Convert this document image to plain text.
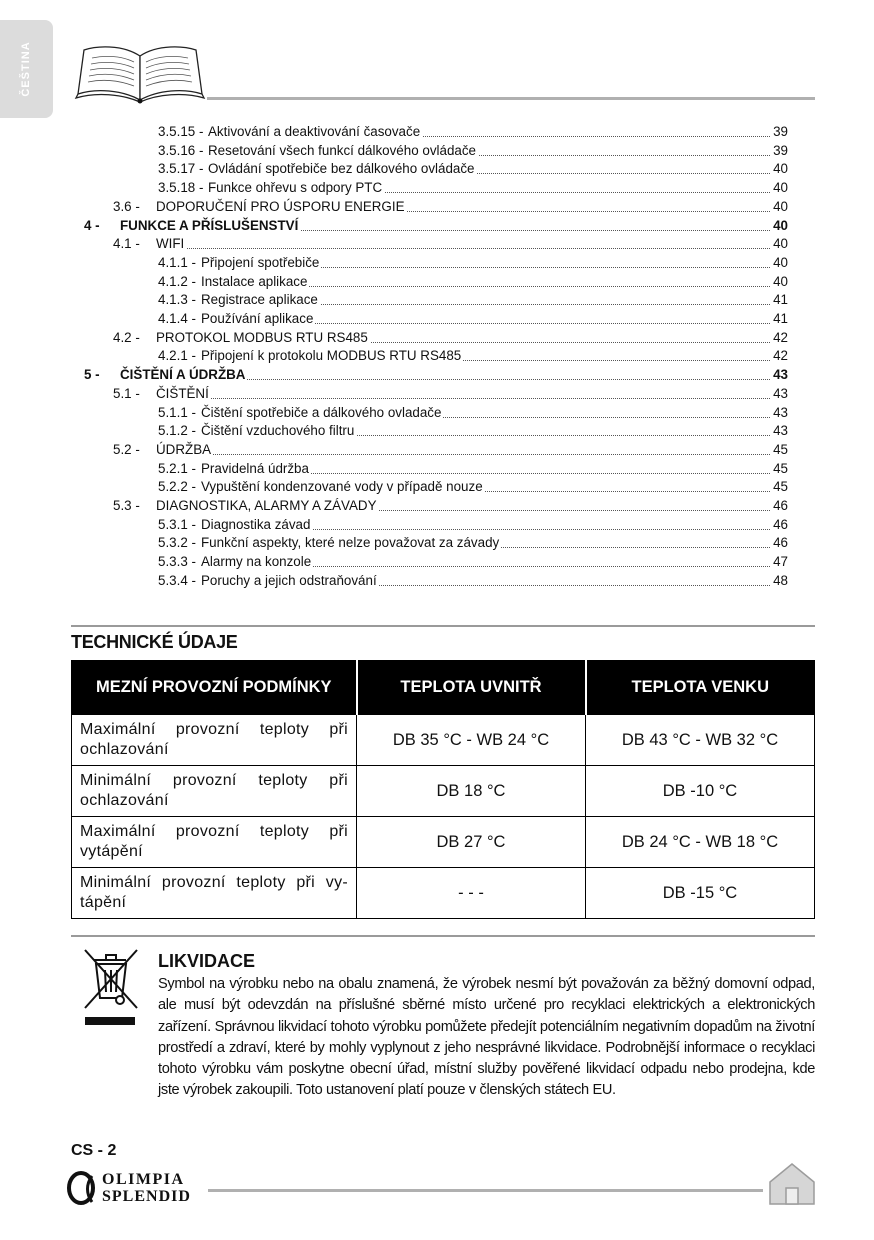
ČEŠTINA
3.5.15 - Aktivování a deaktivování časovače	39
3.5.16 - Resetování všech funkcí dálkového ovládače	39
3.5.17 - Ovládání spotřebiče bez dálkového ovládače	40
3.5.18 - Funkce ohřevu s odpory PTC	40
3.6 - DOPORUČENÍ PRO ÚSPORU ENERGIE	40
4 - FUNKCE A PŘÍSLUŠENSTVÍ	40
4.1 - WIFI	40
4.1.1 - Připojení spotřebiče	40
4.1.2 - Instalace aplikace	40
4.1.3 - Registrace aplikace	41
4.1.4 - Používání aplikace	41
4.2 - PROTOKOL MODBUS RTU RS485	42
4.2.1 - Připojení k protokolu MODBUS RTU RS485	42
5 - ČIŠTĚNÍ A ÚDRŽBA	43
5.1 - ČIŠTĚNÍ	43
5.1.1 - Čištění spotřebiče a dálkového ovladače	43
5.1.2 - Čištění vzduchového filtru	43
5.2 - ÚDRŽBA	45
5.2.1 - Pravidelná údržba	45
5.2.2 - Vypuštění kondenzované vody v případě nouze	45
5.3 - DIAGNOSTIKA, ALARMY A ZÁVADY	46
5.3.1 - Diagnostika závad	46
5.3.2 - Funkční aspekty, které nelze považovat za závady	46
5.3.3 - Alarmy na konzole	47
5.3.4 - Poruchy a jejich odstraňování	48
TECHNICKÉ ÚDAJE
MEZNÍ PROVOZNÍ PODMÍNKY	TEPLOTA UVNITŘ	TEPLOTA VENKU
Maximální provozní teploty při ochlazování	DB 35 °C - WB 24 °C	DB 43 °C - WB 32 °C
Minimální provozní teploty při ochlazování	DB 18 °C	DB -10 °C
Maximální provozní teploty při vytápění	DB 27 °C	DB 24 °C - WB 18 °C
Minimální provozní teploty při vy-tápění	- - -	DB -15 °C
LIKVIDACE
Symbol na výrobku nebo na obalu znamená, že výrobek nesmí být považován za běžný domovní odpad, ale musí být odevzdán na příslušné sběrné místo určené pro recyklaci elektrických a elektronických zařízení. Správnou likvidací tohoto výrobku pomůžete předejít potenciálním negativním dopadům na životní prostředí a zdraví, které by mohly vyplynout z jeho nesprávné likvidace. Podrobnější informace o recyklaci tohoto výrobku vám poskytne obecní úřad, místní služby pověřené likvidací odpadu nebo prodejna, kde jste výrobek zakoupili. Toto ustanovení platí pouze v členských státech EU.
CS - 2
OLIMPIA
SPLENDID
